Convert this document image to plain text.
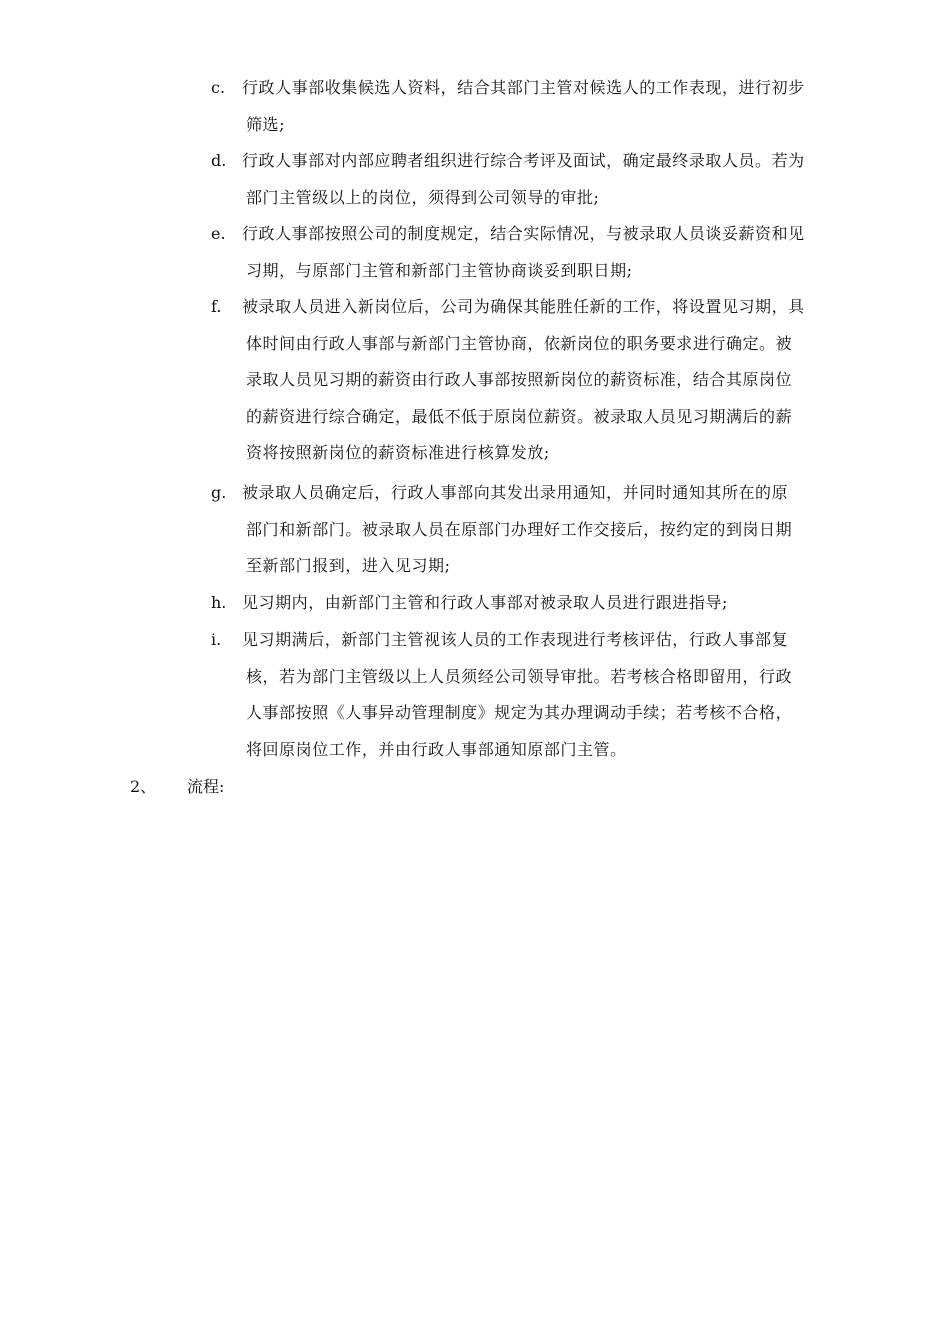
c. 行政人事部收集候选人资料，结合其部门主管对候选人的工作表现，进行初步
筛选;
d. 行政人事部对内部应聘者组织进行综合考评及面试，确定最终录取人员。若为
部门主管级以上的岗位，须得到公司领导的审批;
e. 行政人事部按照公司的制度规定，结合实际情况，与被录取人员谈妥薪资和见
习期，与原部门主管和新部门主管协商谈妥到职日期;
f. 被录取人员进入新岗位后，公司为确保其能胜任新的工作，将设置见习期，具
体时间由行政人事部与新部门主管协商，依新岗位的职务要求进行确定。被
录取人员见习期的薪资由行政人事部按照新岗位的薪资标准，结合其原岗位
的薪资进行综合确定，最低不低于原岗位薪资。被录取人员见习期满后的薪
资将按照新岗位的薪资标准进行核算发放;
g. 被录取人员确定后，行政人事部向其发出录用通知，并同时通知其所在的原
部门和新部门。被录取人员在原部门办理好工作交接后，按约定的到岗日期
至新部门报到，进入见习期;
h. 见习期内，由新部门主管和行政人事部对被录取人员进行跟进指导;
i. 见习期满后，新部门主管视该人员的工作表现进行考核评估，行政人事部复
核，若为部门主管级以上人员须经公司领导审批。若考核合格即留用，行政
人事部按照《人事异动管理制度》规定为其办理调动手续；若考核不合格，
将回原岗位工作，并由行政人事部通知原部门主管。
2、 流程:
